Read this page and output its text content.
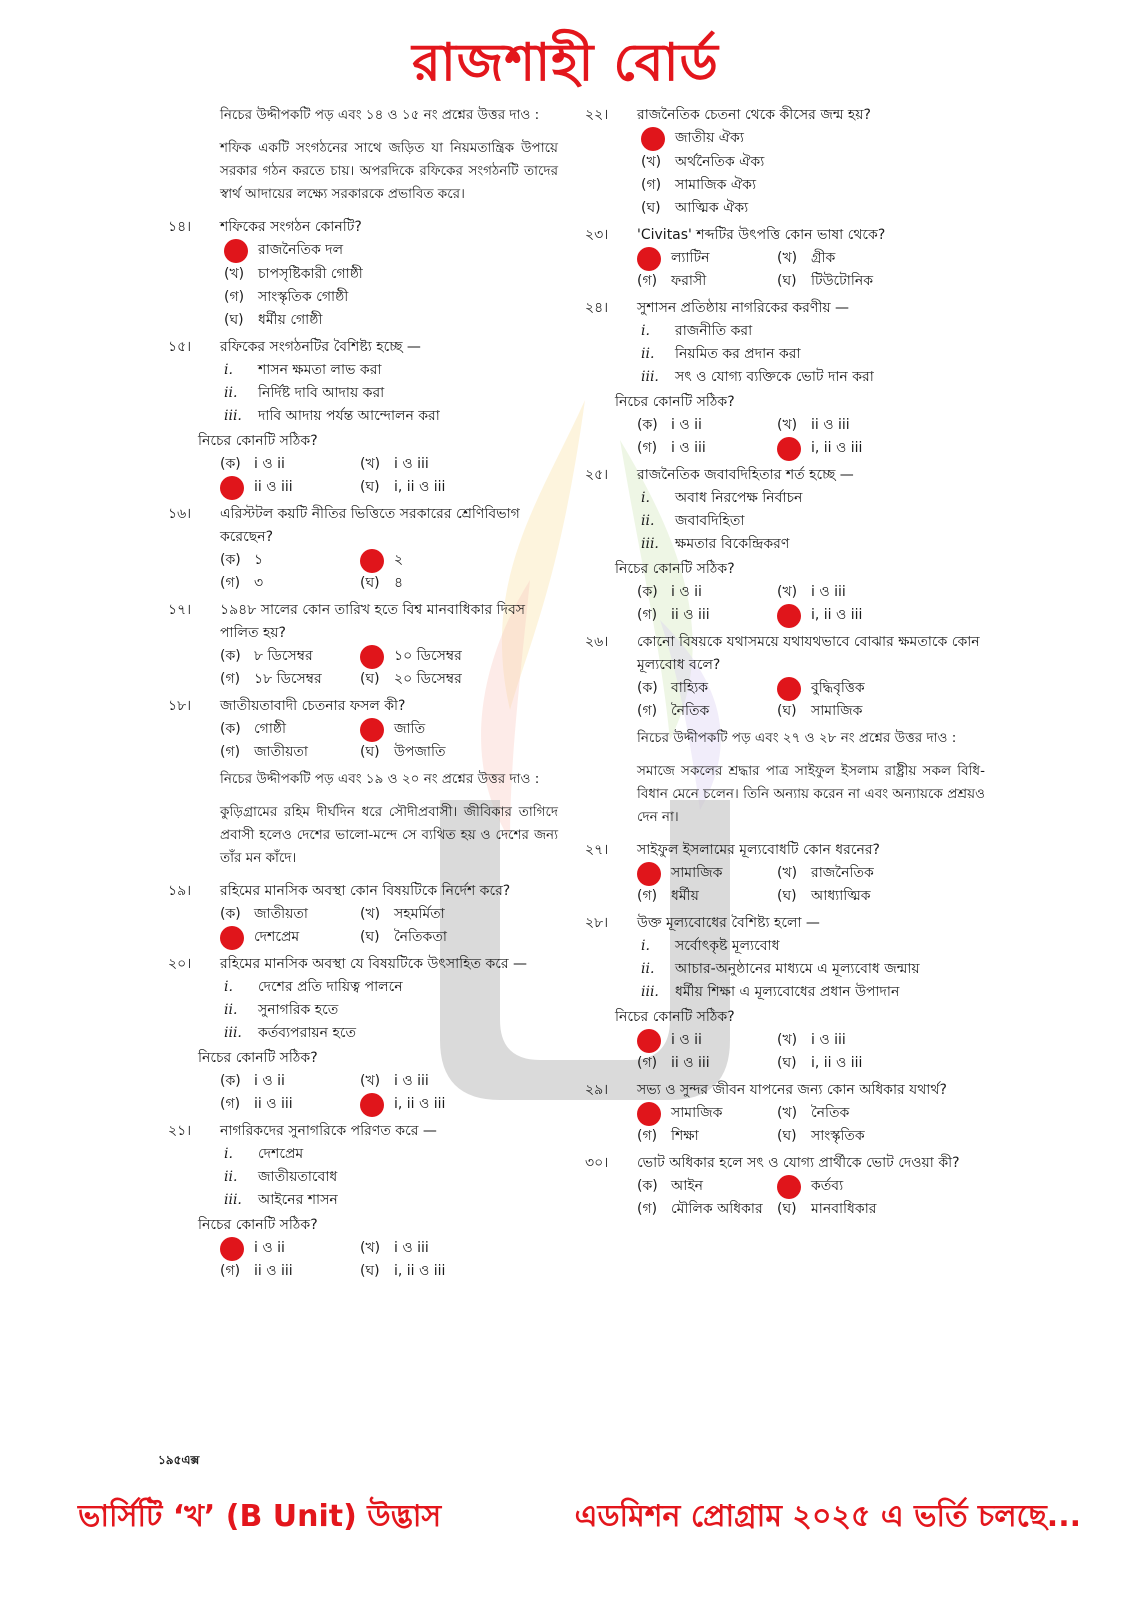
রাজশাহী বোর্ড
নিচের উদ্দীপকটি পড় এবং ১৪ ও ১৫ নং প্রশ্নের উত্তর দাও :
শফিক একটি সংগঠনের সাথে জড়িত যা নিয়মতান্ত্রিক উপায়ে সরকার গঠন করতে চায়। অপরদিকে রফিকের সংগঠনটি তাদের স্বার্থ আদায়ের লক্ষ্যে সরকারকে প্রভাবিত করে।
১৪।	শফিকের সংগঠন কোনটি?
রাজনৈতিক দল
(খ) চাপসৃষ্টিকারী গোষ্ঠী
(গ) সাংস্কৃতিক গোষ্ঠী
(ঘ)	ধর্মীয় গোষ্ঠী
১৫।	রফিকের সংগঠনটির বৈশিষ্ট্য হচ্ছে —
i.	শাসন ক্ষমতা লাভ করা
ii.	নির্দিষ্ট দাবি আদায় করা
iii.	দাবি আদায় পর্যন্ত আন্দোলন করা
নিচের কোনটি সঠিক?
(ক) i ও ii	(খ) i ও iii
ii ও iii	(ঘ)	i, ii ও iii
১৬।	এরিস্টটল কয়টি নীতির ভিত্তিতে সরকারের শ্রেণিবিভাগ করেছেন?
(ক) ১	২
(গ) ৩	(ঘ)	৪
১৭।	১৯৪৮ সালের কোন তারিখ হতে বিশ্ব মানবাধিকার দিবস পালিত হয়?
(ক) ৮ ডিসেম্বর	১০ ডিসেম্বর
(গ) ১৮ ডিসেম্বর	(ঘ)	২০ ডিসেম্বর
১৮।	জাতীয়তাবাদী চেতনার ফসল কী?
(ক) গোষ্ঠী	জাতি
(গ) জাতীয়তা	(ঘ)	উপজাতি
নিচের উদ্দীপকটি পড় এবং ১৯ ও ২০ নং প্রশ্নের উত্তর দাও :
কুড়িগ্রামের রহিম দীর্ঘদিন ধরে সৌদীপ্রবাসী। জীবিকার তাগিদে প্রবাসী হলেও দেশের ভালো-মন্দে সে ব্যথিত হয় ও দেশের জন্য তাঁর মন কাঁদে।
১৯।	রহিমের মানসিক অবস্থা কোন বিষয়টিকে নির্দেশ করে?
(ক) জাতীয়তা	(খ) সহমর্মিতা
দেশপ্রেম	(ঘ)	নৈতিকতা
২০।	রহিমের মানসিক অবস্থা যে বিষয়টিকে উৎসাহিত করে —
i.	দেশের প্রতি দায়িত্ব পালনে
ii.	সুনাগরিক হতে
iii.	কর্তব্যপরায়ন হতে
নিচের কোনটি সঠিক?
(ক) i ও ii	(খ) i ও iii
(গ) ii ও iii	i, ii ও iii
২১।	নাগরিকদের সুনাগরিকে পরিণত করে —
i.	দেশপ্রেম
ii.	জাতীয়তাবোধ
iii.	আইনের শাসন
নিচের কোনটি সঠিক?
i ও ii	(খ) i ও iii
(গ) ii ও iii	(ঘ)	i, ii ও iii
২২।	রাজনৈতিক চেতনা থেকে কীসের জন্ম হয়?
জাতীয় ঐক্য
(খ) অর্থনৈতিক ঐক্য
(গ) সামাজিক ঐক্য
(ঘ)	আত্মিক ঐক্য
২৩।	'Civitas' শব্দটির উৎপত্তি কোন ভাষা থেকে?
ল্যাটিন	(খ) গ্রীক
(গ) ফরাসী	(ঘ)	টিউটোনিক
২৪।	সুশাসন প্রতিষ্ঠায় নাগরিকের করণীয় —
i.	রাজনীতি করা
ii.	নিয়মিত কর প্রদান করা
iii.	সৎ ও যোগ্য ব্যক্তিকে ভোট দান করা
নিচের কোনটি সঠিক?
(ক) i ও ii	(খ) ii ও iii
(গ) i ও iii	i, ii ও iii
২৫।	রাজনৈতিক জবাবদিহিতার শর্ত হচ্ছে —
i.	অবাধ নিরপেক্ষ নির্বাচন
ii.	জবাবদিহিতা
iii.	ক্ষমতার বিকেন্দ্রিকরণ
নিচের কোনটি সঠিক?
(ক) i ও ii	(খ) i ও iii
(গ) ii ও iii	i, ii ও iii
২৬।	কোনো বিষয়কে যথাসময়ে যথাযথভাবে বোঝার ক্ষমতাকে কোন মূল্যবোধ বলে?
(ক) বাহ্যিক	বুদ্ধিবৃত্তিক
(গ) নৈতিক	(ঘ)	সামাজিক
নিচের উদ্দীপকটি পড় এবং ২৭ ও ২৮ নং প্রশ্নের উত্তর দাও :
সমাজে সকলের শ্রদ্ধার পাত্র সাইফুল ইসলাম রাষ্ট্রীয় সকল বিধি-বিধান মেনে চলেন। তিনি অন্যায় করেন না এবং অন্যায়কে প্রশ্রয়ও দেন না।
২৭।	সাইফুল ইসলামের মূল্যবোধটি কোন ধরনের?
সামাজিক	(খ) রাজনৈতিক
(গ) ধর্মীয়	(ঘ)	আধ্যাত্মিক
২৮।	উক্ত মূল্যবোধের বৈশিষ্ট্য হলো —
i.	সর্বোৎকৃষ্ট মূল্যবোধ
ii.	আচার-অনুষ্ঠানের মাধ্যমে এ মূল্যবোধ জন্মায়
iii.	ধর্মীয় শিক্ষা এ মূল্যবোধের প্রধান উপাদান
নিচের কোনটি সঠিক?
i ও ii	(খ) i ও iii
(গ) ii ও iii	(ঘ)	i, ii ও iii
২৯।	সভ্য ও সুন্দর জীবন যাপনের জন্য কোন অধিকার যথার্থ?
সামাজিক	(খ) নৈতিক
(গ) শিক্ষা	(ঘ)	সাংস্কৃতিক
৩০।	ভোট অধিকার হলে সৎ ও যোগ্য প্রার্থীকে ভোট দেওয়া কী?
(ক) আইন	কর্তব্য
(গ) মৌলিক অধিকার (ঘ)	মানবাধিকার
১৯৫এক্স
ভার্সিটি ‘খ’ (B Unit) উদ্ভাস	এডমিশন প্রোগ্রাম ২০২৫ এ ভর্তি চলছে...
